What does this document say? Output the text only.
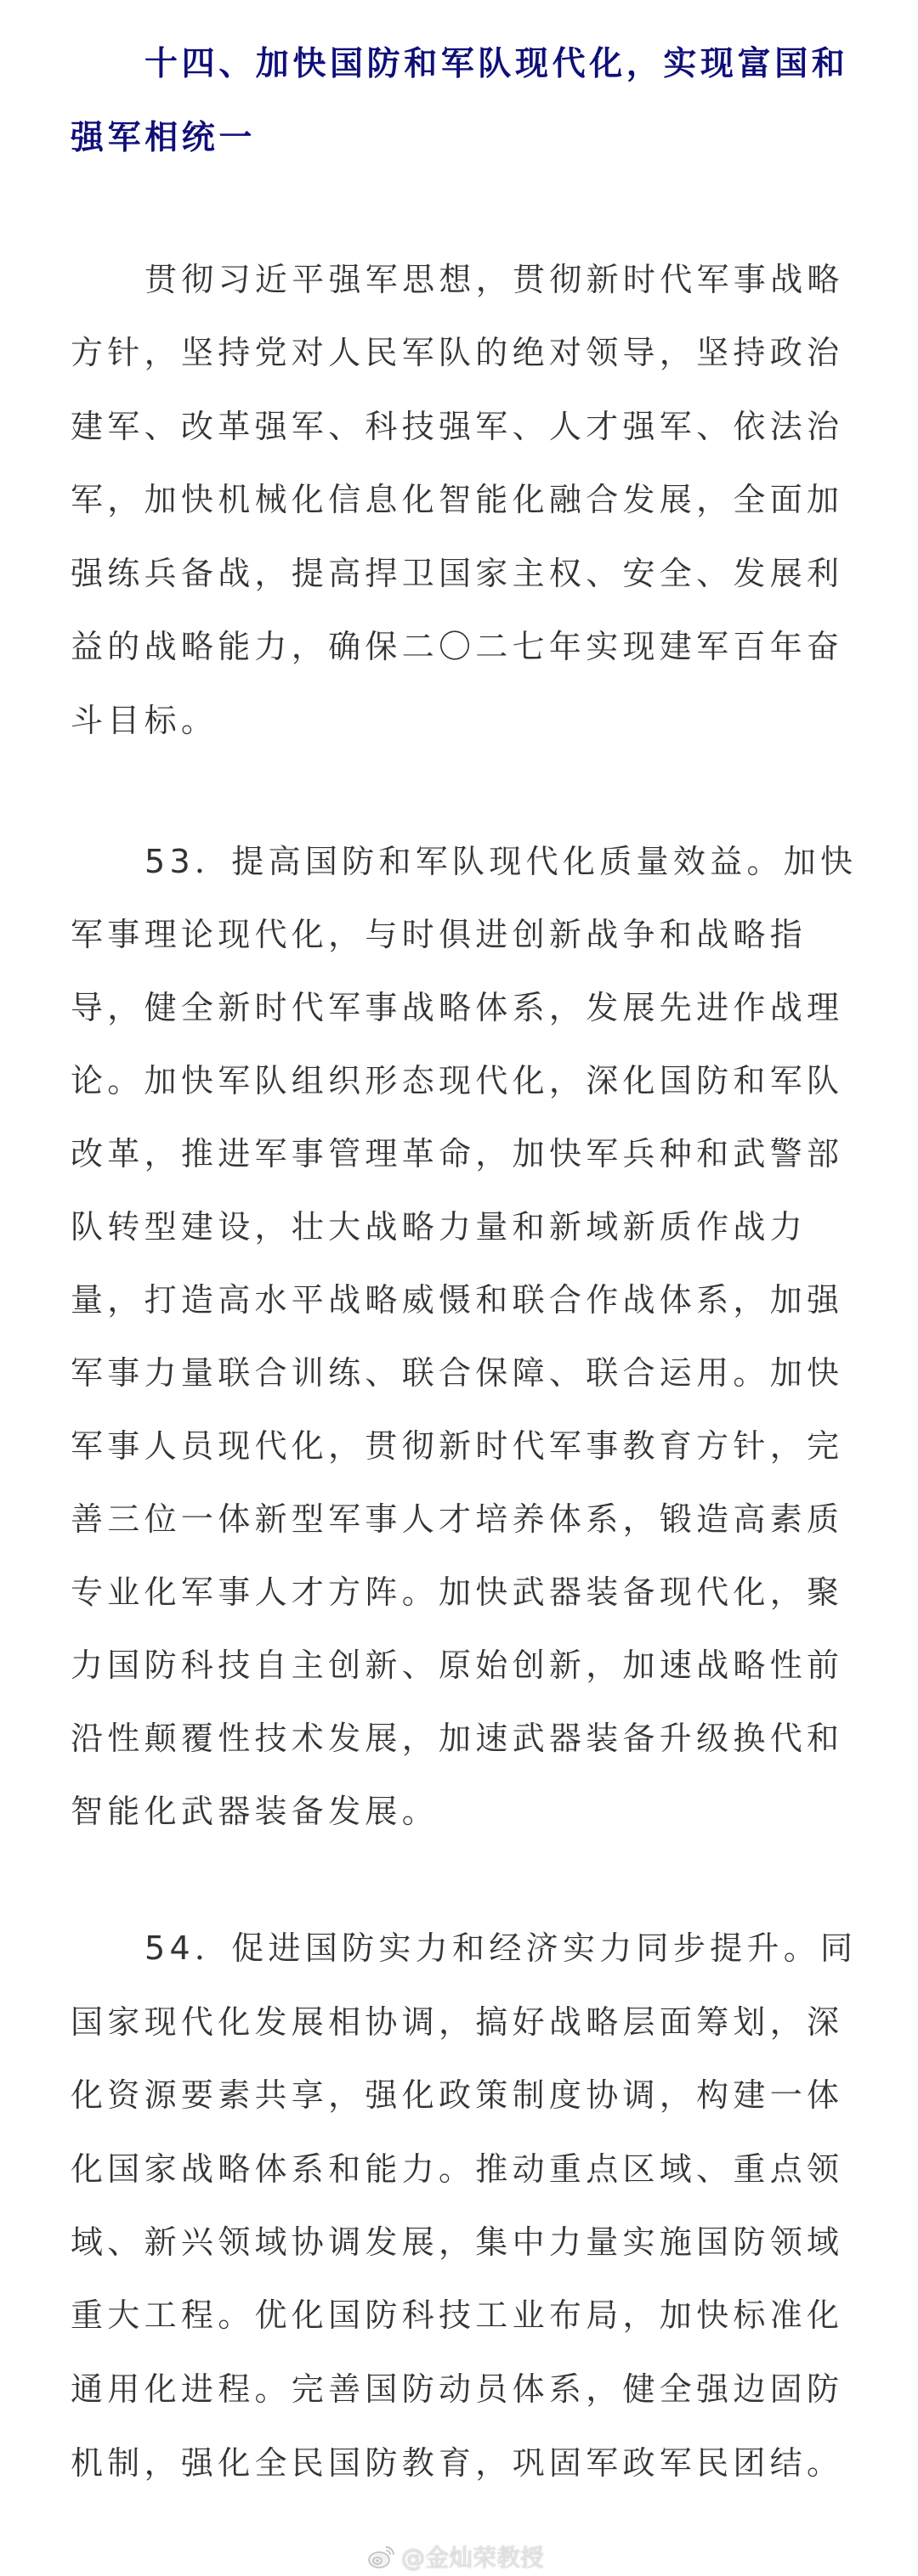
十四、加快国防和军队现代化，实现富国和
强军相统一
贯彻习近平强军思想，贯彻新时代军事战略
方针，坚持党对人民军队的绝对领导，坚持政治
建军、改革强军、科技强军、人才强军、依法治
军，加快机械化信息化智能化融合发展，全面加
强练兵备战，提高捍卫国家主权、安全、发展利
益的战略能力，确保二〇二七年实现建军百年奋
斗目标。
53．提高国防和军队现代化质量效益。加快
军事理论现代化，与时俱进创新战争和战略指
导，健全新时代军事战略体系，发展先进作战理
论。加快军队组织形态现代化，深化国防和军队
改革，推进军事管理革命，加快军兵种和武警部
队转型建设，壮大战略力量和新域新质作战力
量，打造高水平战略威慑和联合作战体系，加强
军事力量联合训练、联合保障、联合运用。加快
军事人员现代化，贯彻新时代军事教育方针，完
善三位一体新型军事人才培养体系，锻造高素质
专业化军事人才方阵。加快武器装备现代化，聚
力国防科技自主创新、原始创新，加速战略性前
沿性颠覆性技术发展，加速武器装备升级换代和
智能化武器装备发展。
54．促进国防实力和经济实力同步提升。同
国家现代化发展相协调，搞好战略层面筹划，深
化资源要素共享，强化政策制度协调，构建一体
化国家战略体系和能力。推动重点区域、重点领
域、新兴领域协调发展，集中力量实施国防领域
重大工程。优化国防科技工业布局，加快标准化
通用化进程。完善国防动员体系，健全强边固防
机制，强化全民国防教育，巩固军政军民团结。
@金灿荣教授
